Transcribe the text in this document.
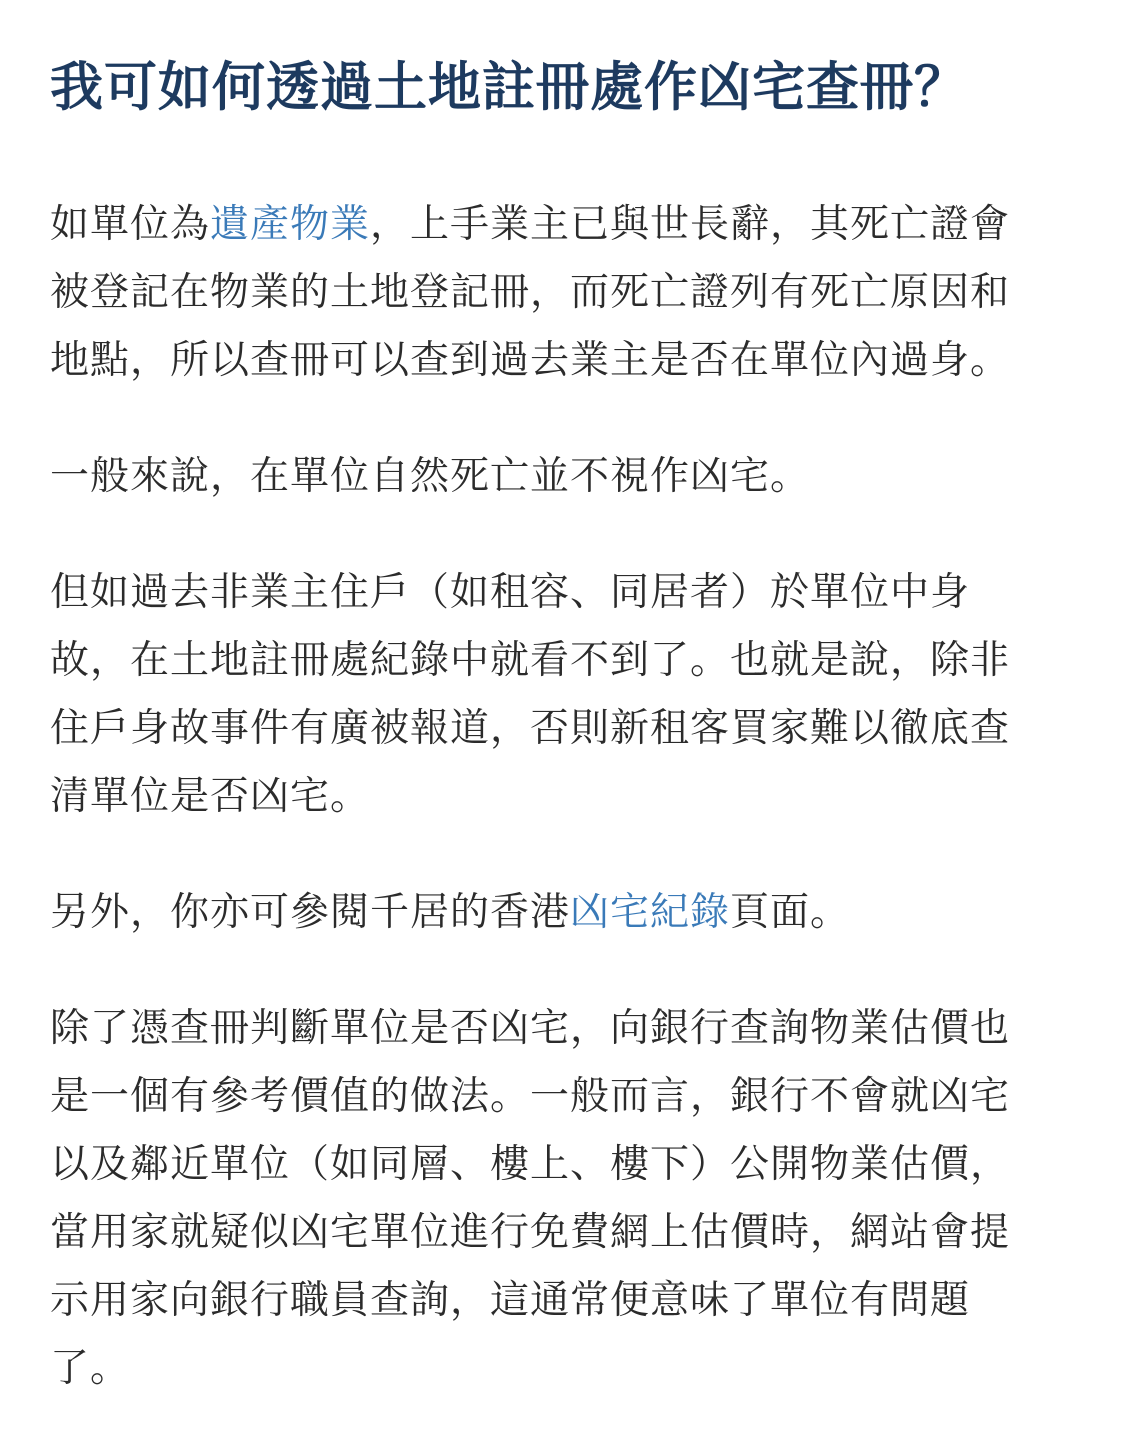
我可如何透過土地註冊處作凶宅查冊？

如單位為遺產物業，上手業主已與世長辭，其死亡證會
被登記在物業的土地登記冊，而死亡證列有死亡原因和
地點，所以查冊可以查到過去業主是否在單位內過身。

一般來說，在單位自然死亡並不視作凶宅。

但如過去非業主住戶（如租容、同居者）於單位中身
故，在土地註冊處紀錄中就看不到了。也就是說，除非
住戶身故事件有廣被報道，否則新租客買家難以徹底查
清單位是否凶宅。

另外，你亦可參閱千居的香港凶宅紀錄頁面。

除了憑查冊判斷單位是否凶宅，向銀行查詢物業估價也
是一個有參考價值的做法。一般而言，銀行不會就凶宅
以及鄰近單位（如同層、樓上、樓下）公開物業估價，
當用家就疑似凶宅單位進行免費網上估價時，網站會提
示用家向銀行職員查詢，這通常便意味了單位有問題
了。
